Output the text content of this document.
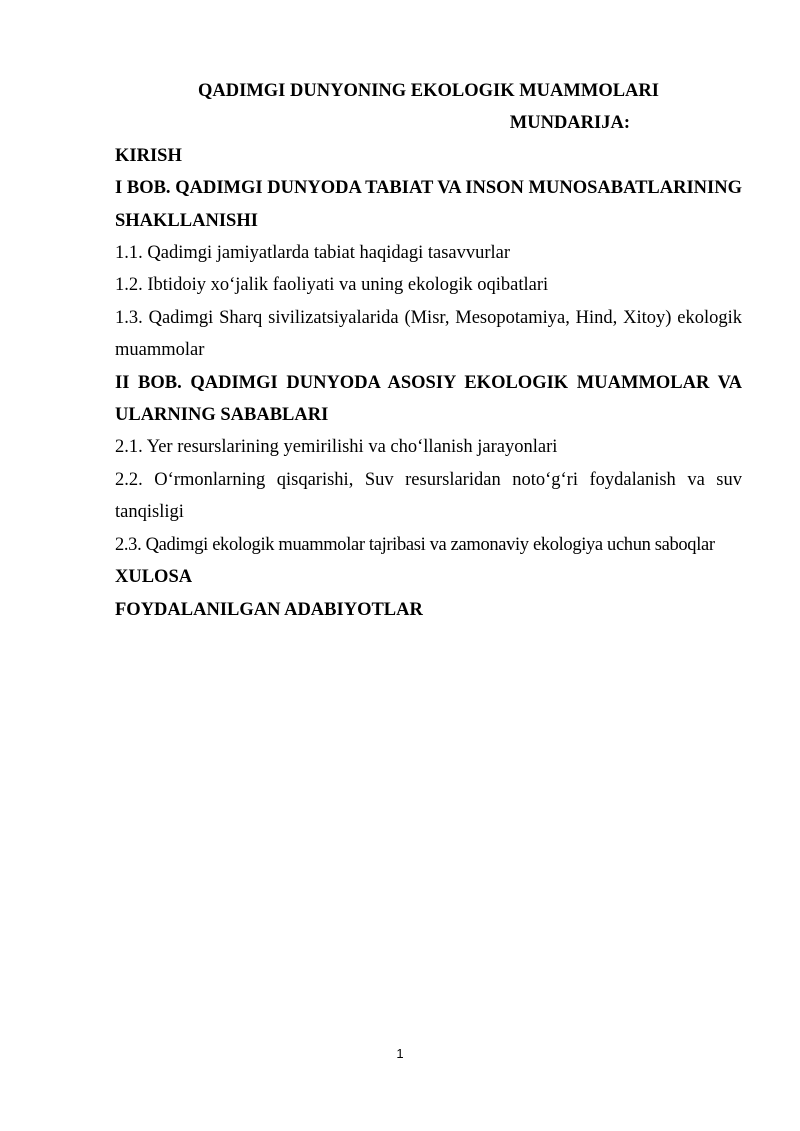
QADIMGI DUNYONING EKOLOGIK MUAMMOLARI
MUNDARIJA:
KIRISH
I BOB. QADIMGI DUNYODA TABIAT VA INSON MUNOSABATLARINING SHAKLLANISHI
1.1. Qadimgi jamiyatlarda tabiat haqidagi tasavvurlar
1.2. Ibtidoiy xo‘jalik faoliyati va uning ekologik oqibatlari
1.3. Qadimgi Sharq sivilizatsiyalarida (Misr, Mesopotamiya, Hind, Xitoy) ekologik muammolar
II BOB. QADIMGI DUNYODA ASOSIY EKOLOGIK MUAMMOLAR VA ULARNING SABABLARI
2.1. Yer resurslarining yemirilishi va cho‘llanish jarayonlari
2.2. O‘rmonlarning qisqarishi, Suv resurslaridan noto‘g‘ri foydalanish va suv tanqisligi
2.3. Qadimgi ekologik muammolar tajribasi va zamonaviy ekologiya uchun saboqlar
XULOSA
FOYDALANILGAN ADABIYOTLAR
1
